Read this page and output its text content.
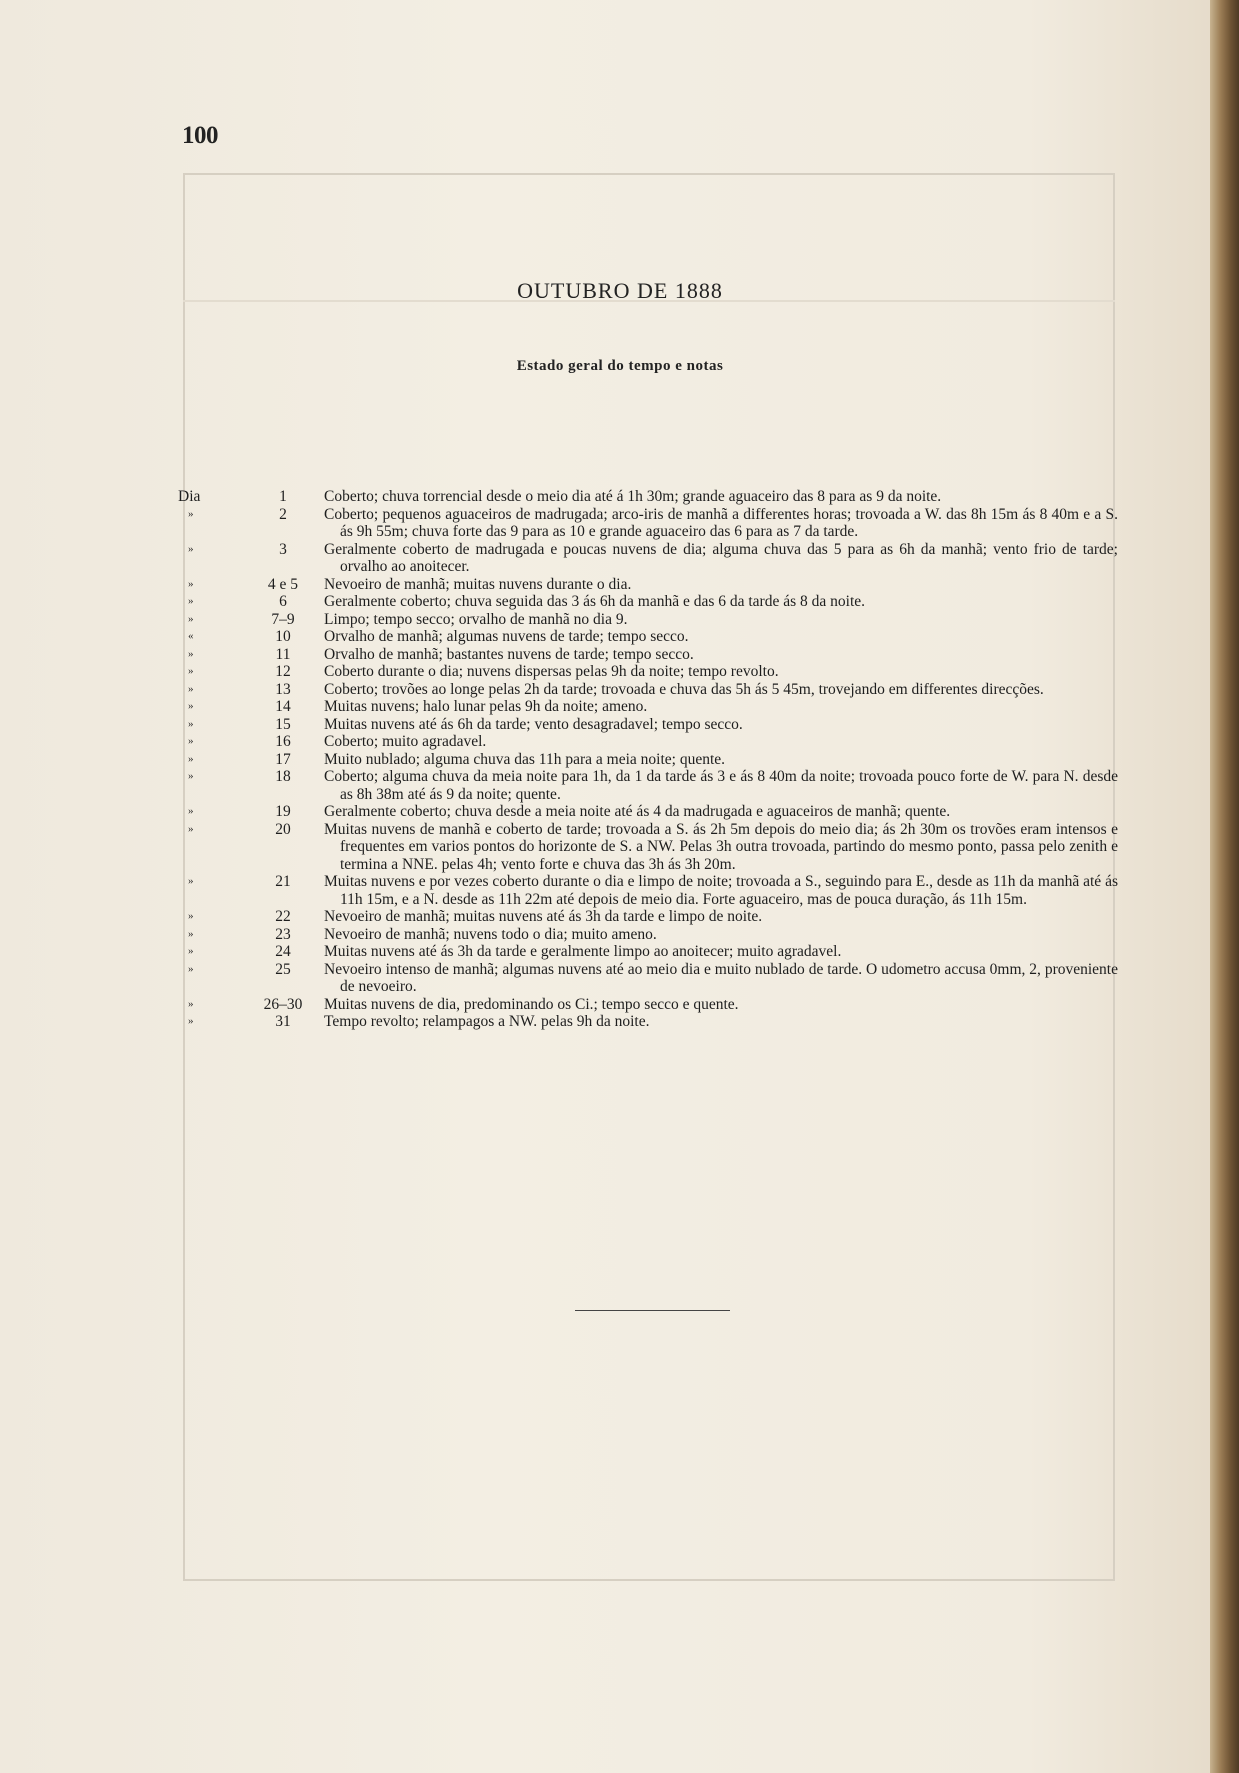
100
OUTUBRO DE 1888
Estado geral do tempo e notas
Dia	1	Coberto; chuva torrencial desde o meio dia até á 1h 30m; grande aguaceiro das 8 para as 9 da noite.
»	2	Coberto; pequenos aguaceiros de madrugada; arco-iris de manhã a differentes horas; trovoada a W. das 8h 15m ás 8 40m e a S. ás 9h 55m; chuva forte das 9 para as 10 e grande aguaceiro das 6 para as 7 da tarde.
»	3	Geralmente coberto de madrugada e poucas nuvens de dia; alguma chuva das 5 para as 6h da manhã; vento frio de tarde; orvalho ao anoitecer.
»	4 e 5	Nevoeiro de manhã; muitas nuvens durante o dia.
»	6	Geralmente coberto; chuva seguida das 3 ás 6h da manhã e das 6 da tarde ás 8 da noite.
»	7–9	Limpo; tempo secco; orvalho de manhã no dia 9.
«	10	Orvalho de manhã; algumas nuvens de tarde; tempo secco.
»	11	Orvalho de manhã; bastantes nuvens de tarde; tempo secco.
»	12	Coberto durante o dia; nuvens dispersas pelas 9h da noite; tempo revolto.
»	13	Coberto; trovões ao longe pelas 2h da tarde; trovoada e chuva das 5h ás 5 45m, trovejando em differentes direcções.
»	14	Muitas nuvens; halo lunar pelas 9h da noite; ameno.
»	15	Muitas nuvens até ás 6h da tarde; vento desagradavel; tempo secco.
»	16	Coberto; muito agradavel.
»	17	Muito nublado; alguma chuva das 11h para a meia noite; quente.
»	18	Coberto; alguma chuva da meia noite para 1h, da 1 da tarde ás 3 e ás 8 40m da noite; trovoada pouco forte de W. para N. desde as 8h 38m até ás 9 da noite; quente.
»	19	Geralmente coberto; chuva desde a meia noite até ás 4 da madrugada e aguaceiros de manhã; quente.
»	20	Muitas nuvens de manhã e coberto de tarde; trovoada a S. ás 2h 5m depois do meio dia; ás 2h 30m os trovões eram intensos e frequentes em varios pontos do horizonte de S. a NW. Pelas 3h outra trovoada, partindo do mesmo ponto, passa pelo zenith e termina a NNE. pelas 4h; vento forte e chuva das 3h ás 3h 20m.
»	21	Muitas nuvens e por vezes coberto durante o dia e limpo de noite; trovoada a S., seguindo para E., desde as 11h da manhã até ás 11h 15m, e a N. desde as 11h 22m até depois de meio dia. Forte aguaceiro, mas de pouca duração, ás 11h 15m.
»	22	Nevoeiro de manhã; muitas nuvens até ás 3h da tarde e limpo de noite.
»	23	Nevoeiro de manhã; nuvens todo o dia; muito ameno.
»	24	Muitas nuvens até ás 3h da tarde e geralmente limpo ao anoitecer; muito agradavel.
»	25	Nevoeiro intenso de manhã; algumas nuvens até ao meio dia e muito nublado de tarde. O udometro accusa 0mm, 2, proveniente de nevoeiro.
»	26–30	Muitas nuvens de dia, predominando os Ci.; tempo secco e quente.
»	31	Tempo revolto; relampagos a NW. pelas 9h da noite.
